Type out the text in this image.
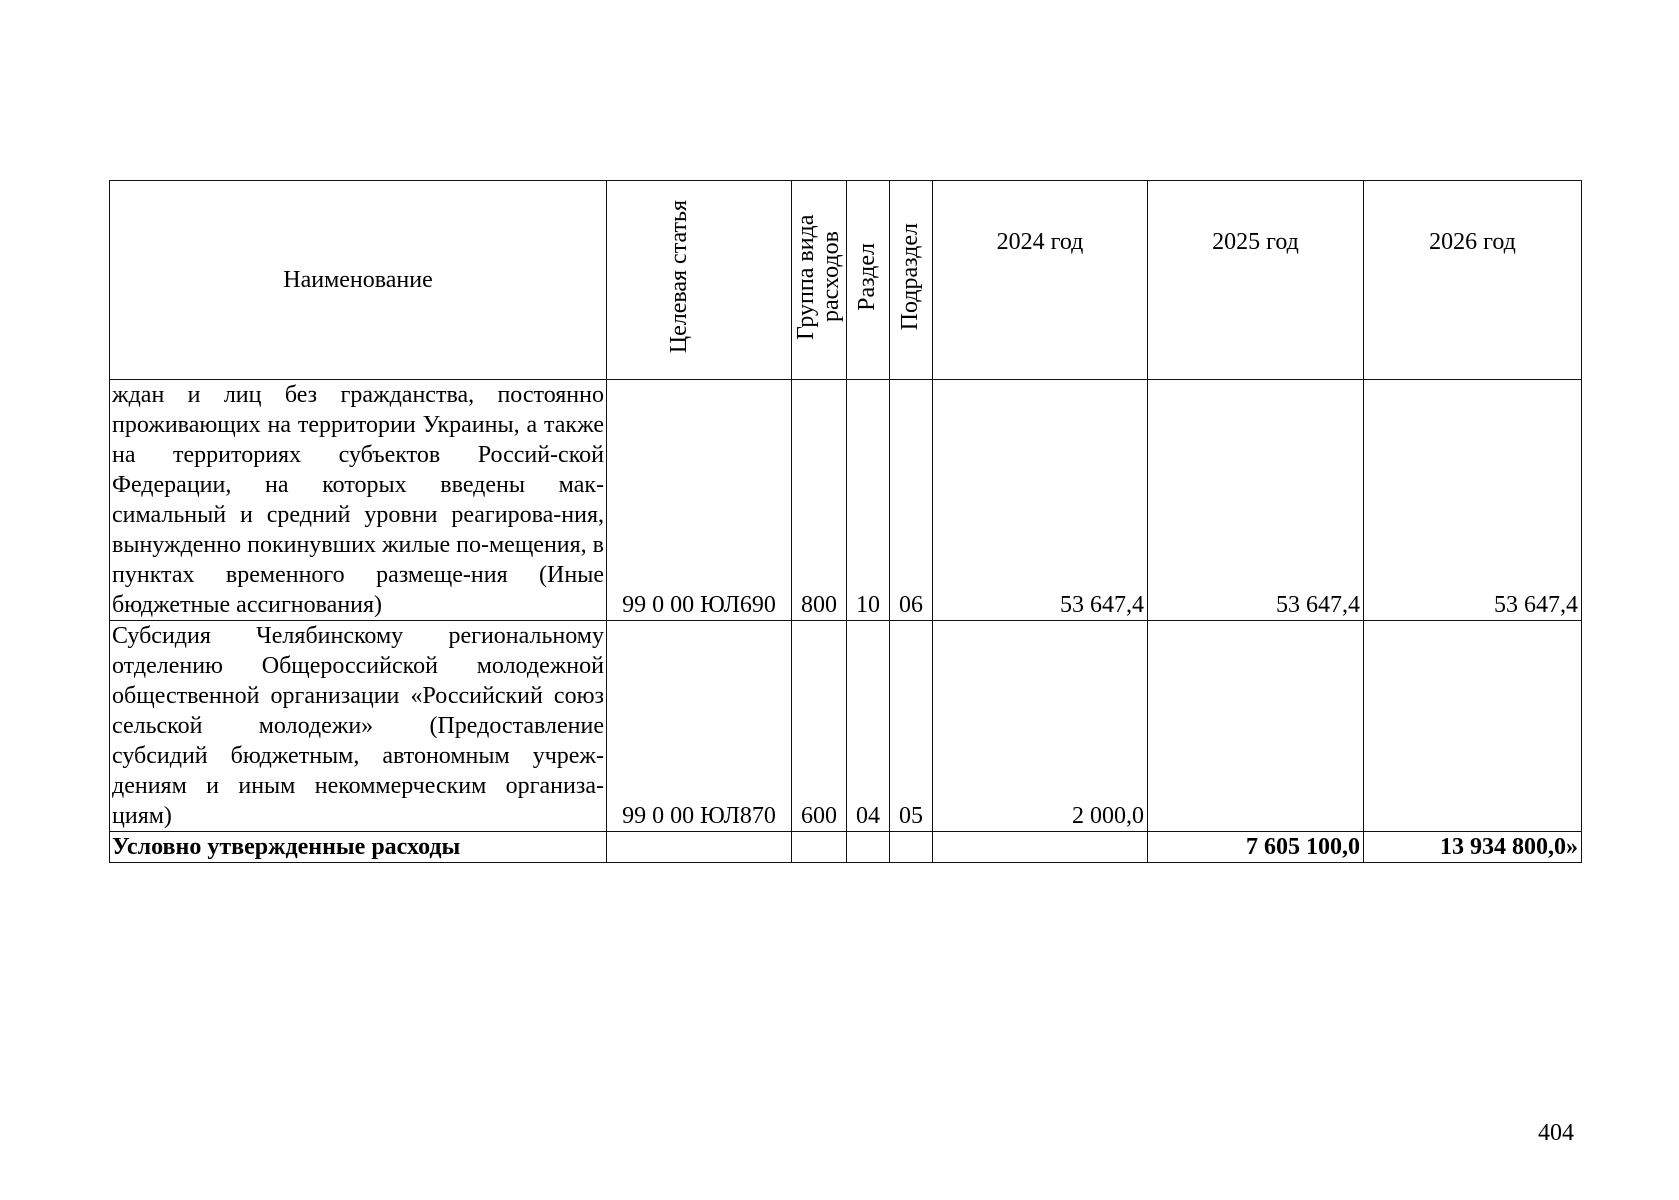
Наименование	Целевая статья	Группа вида расходов	Раздел	Подраздел	2024 год	2025 год	2026 год
ждан и лиц без гражданства, постоянно проживающих на территории Украины, а также на территориях субъектов Россий-ской Федерации, на которых введены мак-симальный и средний уровни реагирова-ния, вынужденно покинувших жилые по-мещения, в пунктах временного размеще-ния (Иные бюджетные ассигнования)	99 0 00 ЮЛ690	800	10	06	53 647,4	53 647,4	53 647,4
Субсидия Челябинскому региональному отделению Общероссийской молодежной общественной организации «Российский союз сельской молодежи» (Предоставление субсидий бюджетным, автономным учреж-дениям и иным некоммерческим организа-циям)	99 0 00 ЮЛ870	600	04	05	2 000,0		
Условно утвержденные расходы						7 605 100,0	13 934 800,0»
404
